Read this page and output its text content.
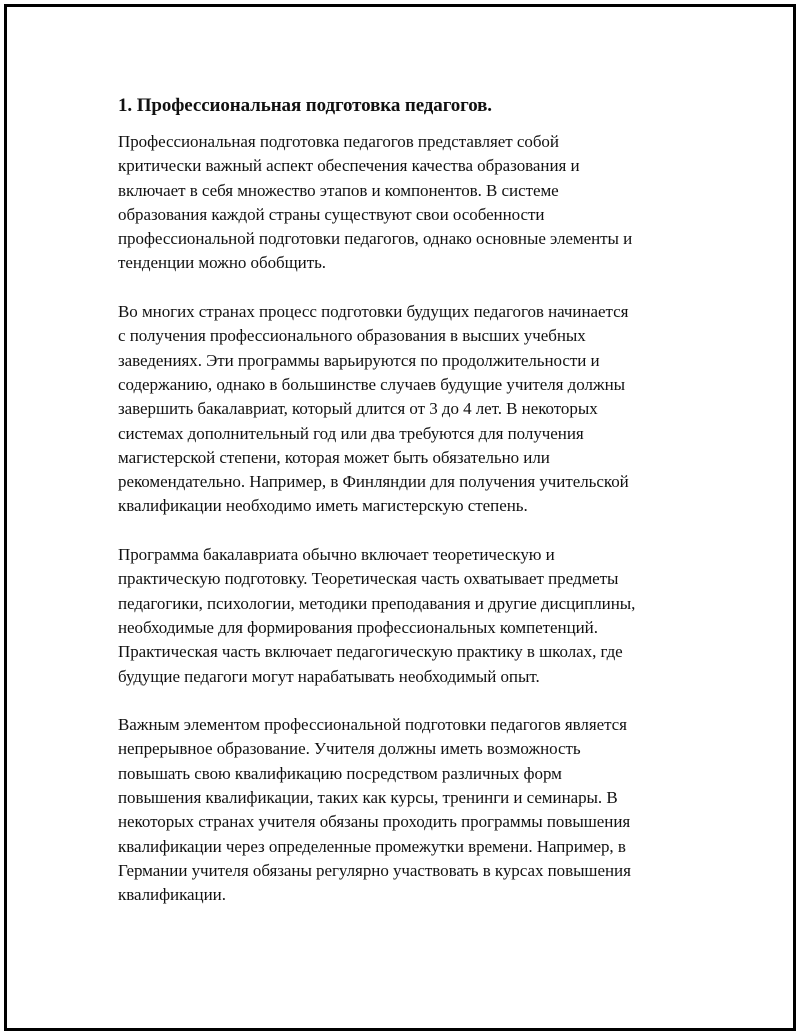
1. Профессиональная подготовка педагогов.
Профессиональная подготовка педагогов представляет собой
критически важный аспект обеспечения качества образования и
включает в себя множество этапов и компонентов. В системе
образования каждой страны существуют свои особенности
профессиональной подготовки педагогов, однако основные элементы и
тенденции можно обобщить.
Во многих странах процесс подготовки будущих педагогов начинается
с получения профессионального образования в высших учебных
заведениях. Эти программы варьируются по продолжительности и
содержанию, однако в большинстве случаев будущие учителя должны
завершить бакалавриат, который длится от 3 до 4 лет. В некоторых
системах дополнительный год или два требуются для получения
магистерской степени, которая может быть обязательно или
рекомендательно. Например, в Финляндии для получения учительской
квалификации необходимо иметь магистерскую степень.
Программа бакалавриата обычно включает теоретическую и
практическую подготовку. Теоретическая часть охватывает предметы
педагогики, психологии, методики преподавания и другие дисциплины,
необходимые для формирования профессиональных компетенций.
Практическая часть включает педагогическую практику в школах, где
будущие педагоги могут нарабатывать необходимый опыт.
Важным элементом профессиональной подготовки педагогов является
непрерывное образование. Учителя должны иметь возможность
повышать свою квалификацию посредством различных форм
повышения квалификации, таких как курсы, тренинги и семинары. В
некоторых странах учителя обязаны проходить программы повышения
квалификации через определенные промежутки времени. Например, в
Германии учителя обязаны регулярно участвовать в курсах повышения
квалификации.
